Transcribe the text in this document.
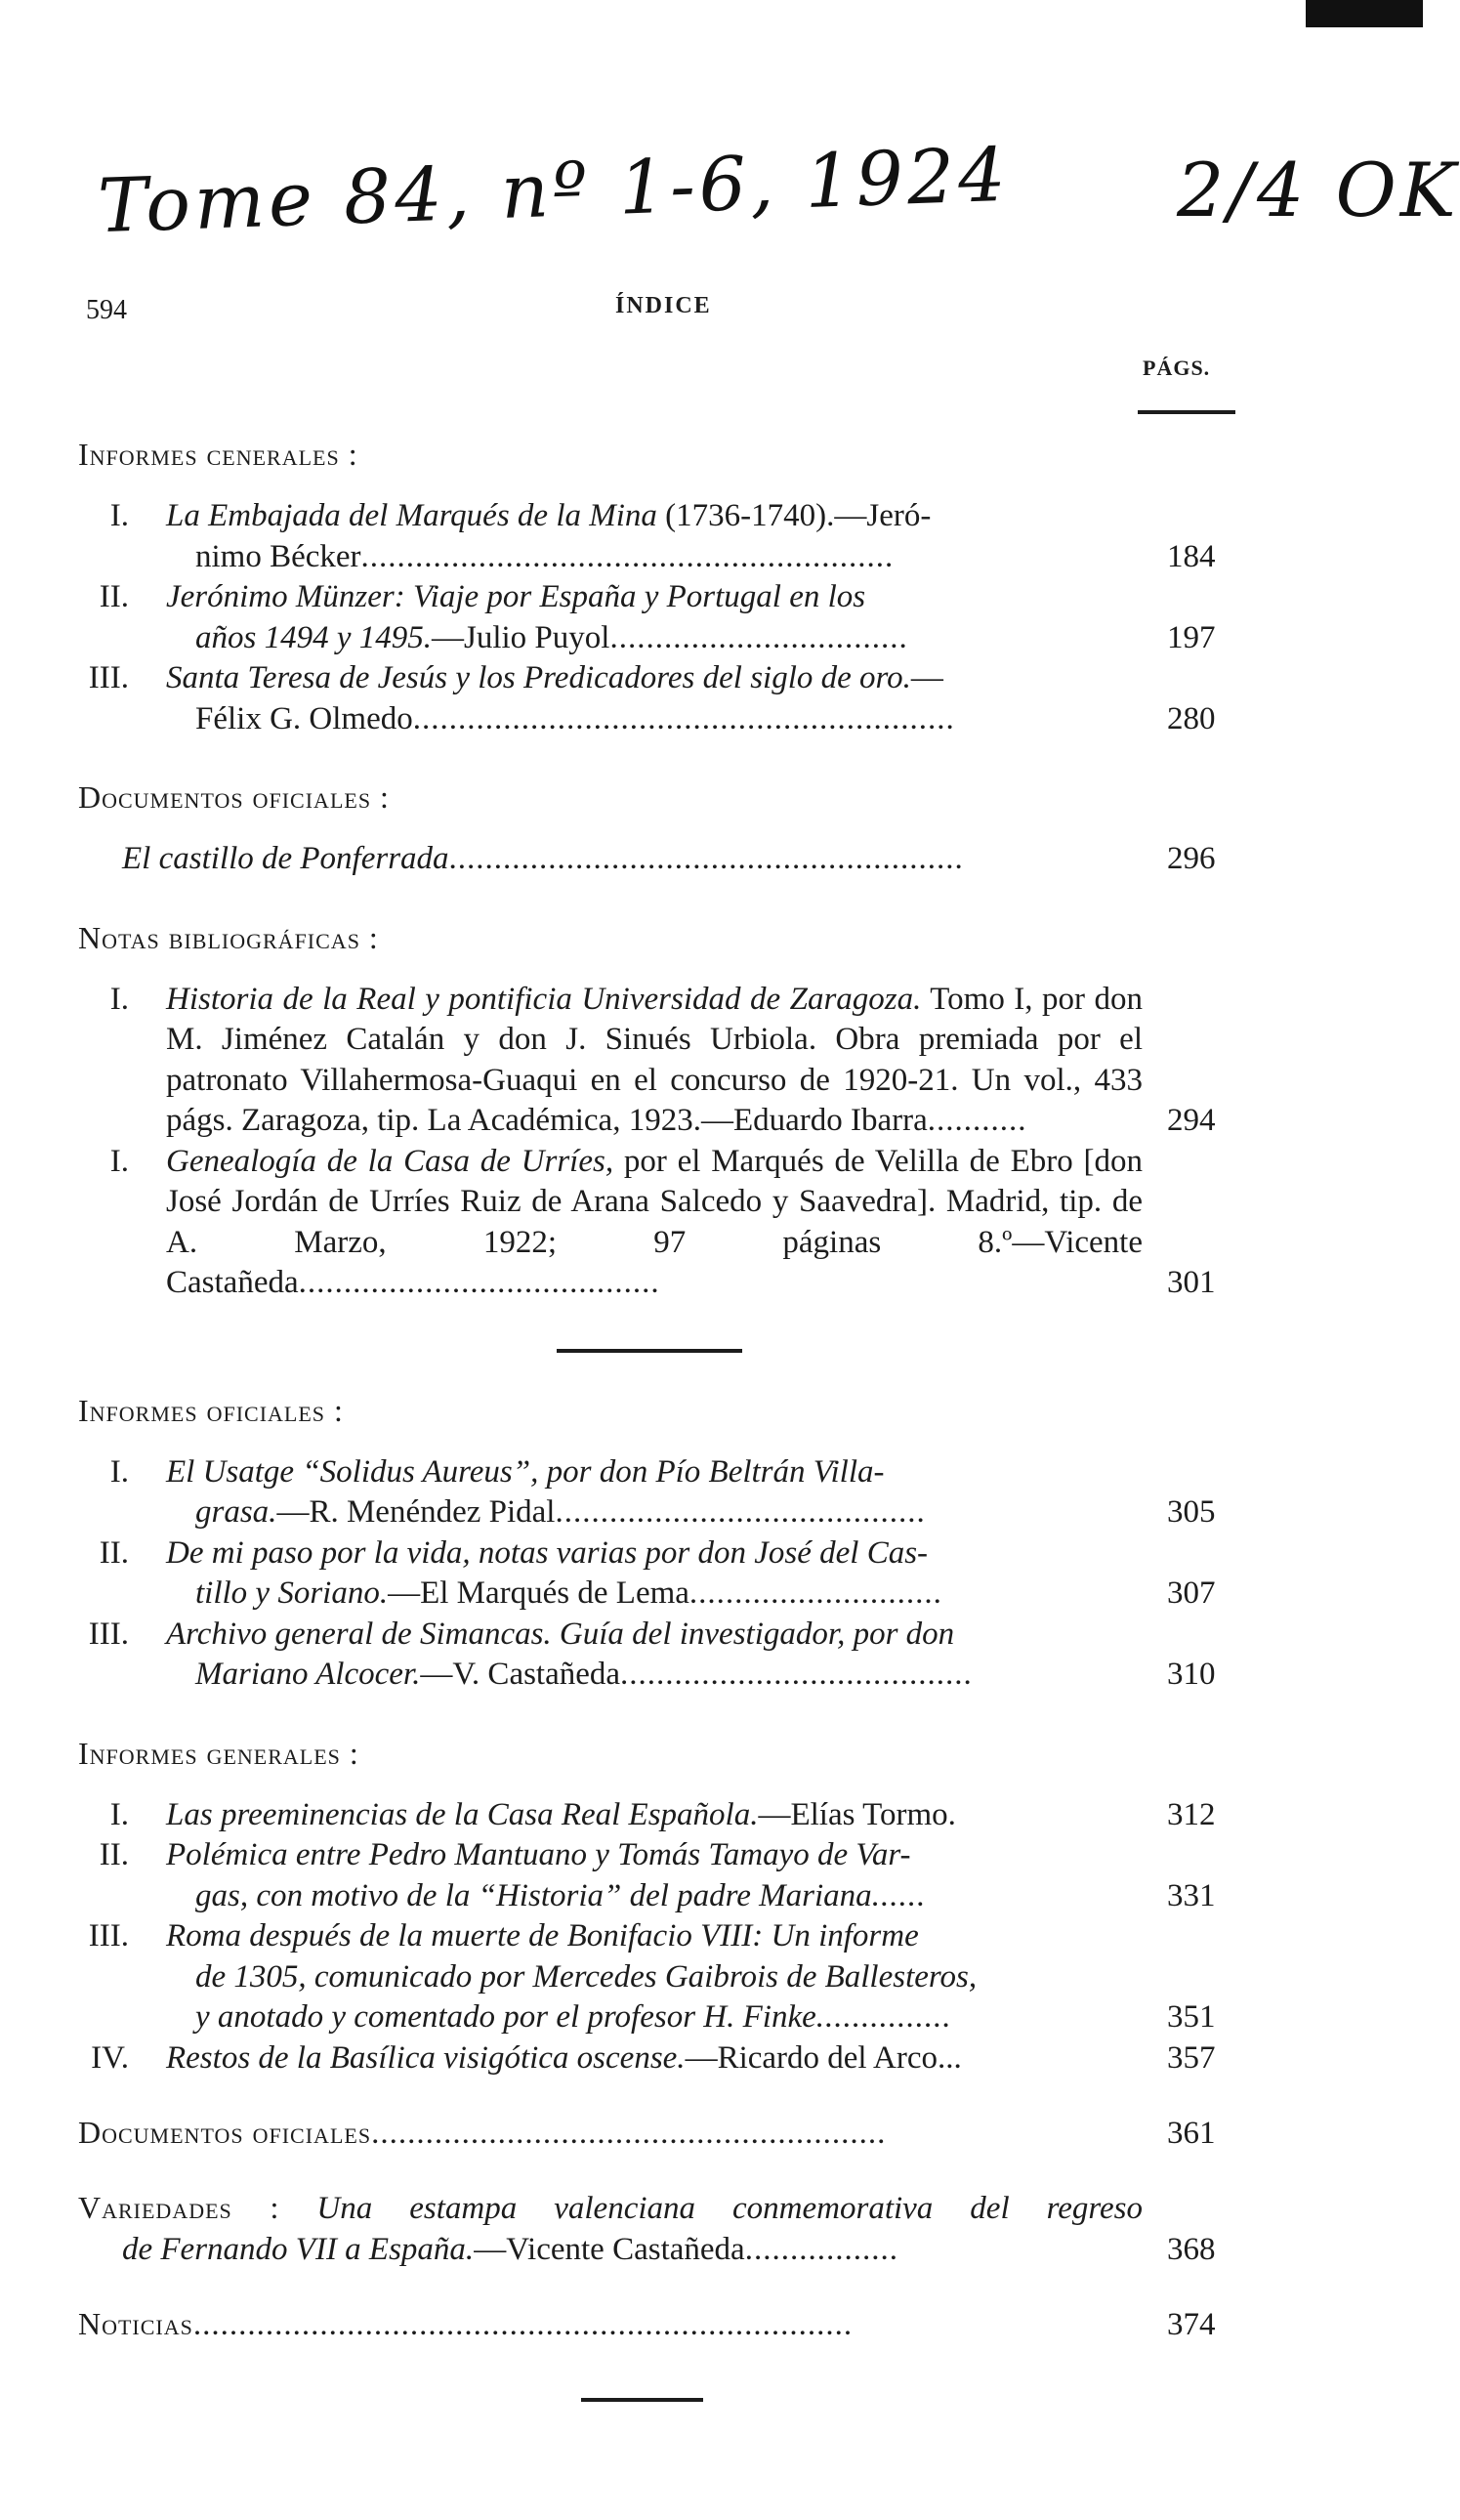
Tome 84, nº 1-6, 1924 2/4 OK
594	ÍNDICE
PÁGS.
Informes cenerales :
I. La Embajada del Marqués de la Mina (1736-1740).—Jeró-
nimo Bécker...........................................................	184
II. Jerónimo Münzer: Viaje por España y Portugal en los
años 1494 y 1495.—Julio Puyol.................................	197
III. Santa Teresa de Jesús y los Predicadores del siglo de oro.—
Félix G. Olmedo............................................................	280
Documentos oficiales :
El castillo de Ponferrada.........................................................	296
Notas bibliográficas :
I. Historia de la Real y pontificia Universidad de Zaragoza. Tomo I, por don M. Jiménez Catalán y don J. Sinués Urbiola. Obra premiada por el patronato Villahermosa-Guaqui en el concurso de 1920-21. Un vol., 433 págs. Zaragoza, tip. La Académica, 1923.—Eduardo Ibarra...........	294
I. Genealogía de la Casa de Urríes, por el Marqués de Velilla de Ebro [don José Jordán de Urríes Ruiz de Arana Salcedo y Saavedra]. Madrid, tip. de A. Marzo, 1922; 97 páginas 8.º—Vicente Castañeda........................................	301
Informes oficiales :
I. El Usatge “Solidus Aureus”, por don Pío Beltrán Villa-
grasa.—R. Menéndez Pidal.........................................	305
II. De mi paso por la vida, notas varias por don José del Cas-
tillo y Soriano.—El Marqués de Lema............................	307
III. Archivo general de Simancas. Guía del investigador, por don
Mariano Alcocer.—V. Castañeda.......................................	310
Informes generales :
I. Las preeminencias de la Casa Real Española.—Elías Tormo.	312
II. Polémica entre Pedro Mantuano y Tomás Tamayo de Var-
gas, con motivo de la “Historia” del padre Mariana......	331
III. Roma después de la muerte de Bonifacio VIII: Un informe
de 1305, comunicado por Mercedes Gaibrois de Ballesteros,
y anotado y comentado por el profesor H. Finke...............	351
IV. Restos de la Basílica visigótica oscense.—Ricardo del Arco...	357
Documentos oficiales.........................................................	361
Variedades : Una estampa valenciana conmemorativa del regreso
de Fernando VII a España.—Vicente Castañeda.................	368
Noticias.........................................................................	374
